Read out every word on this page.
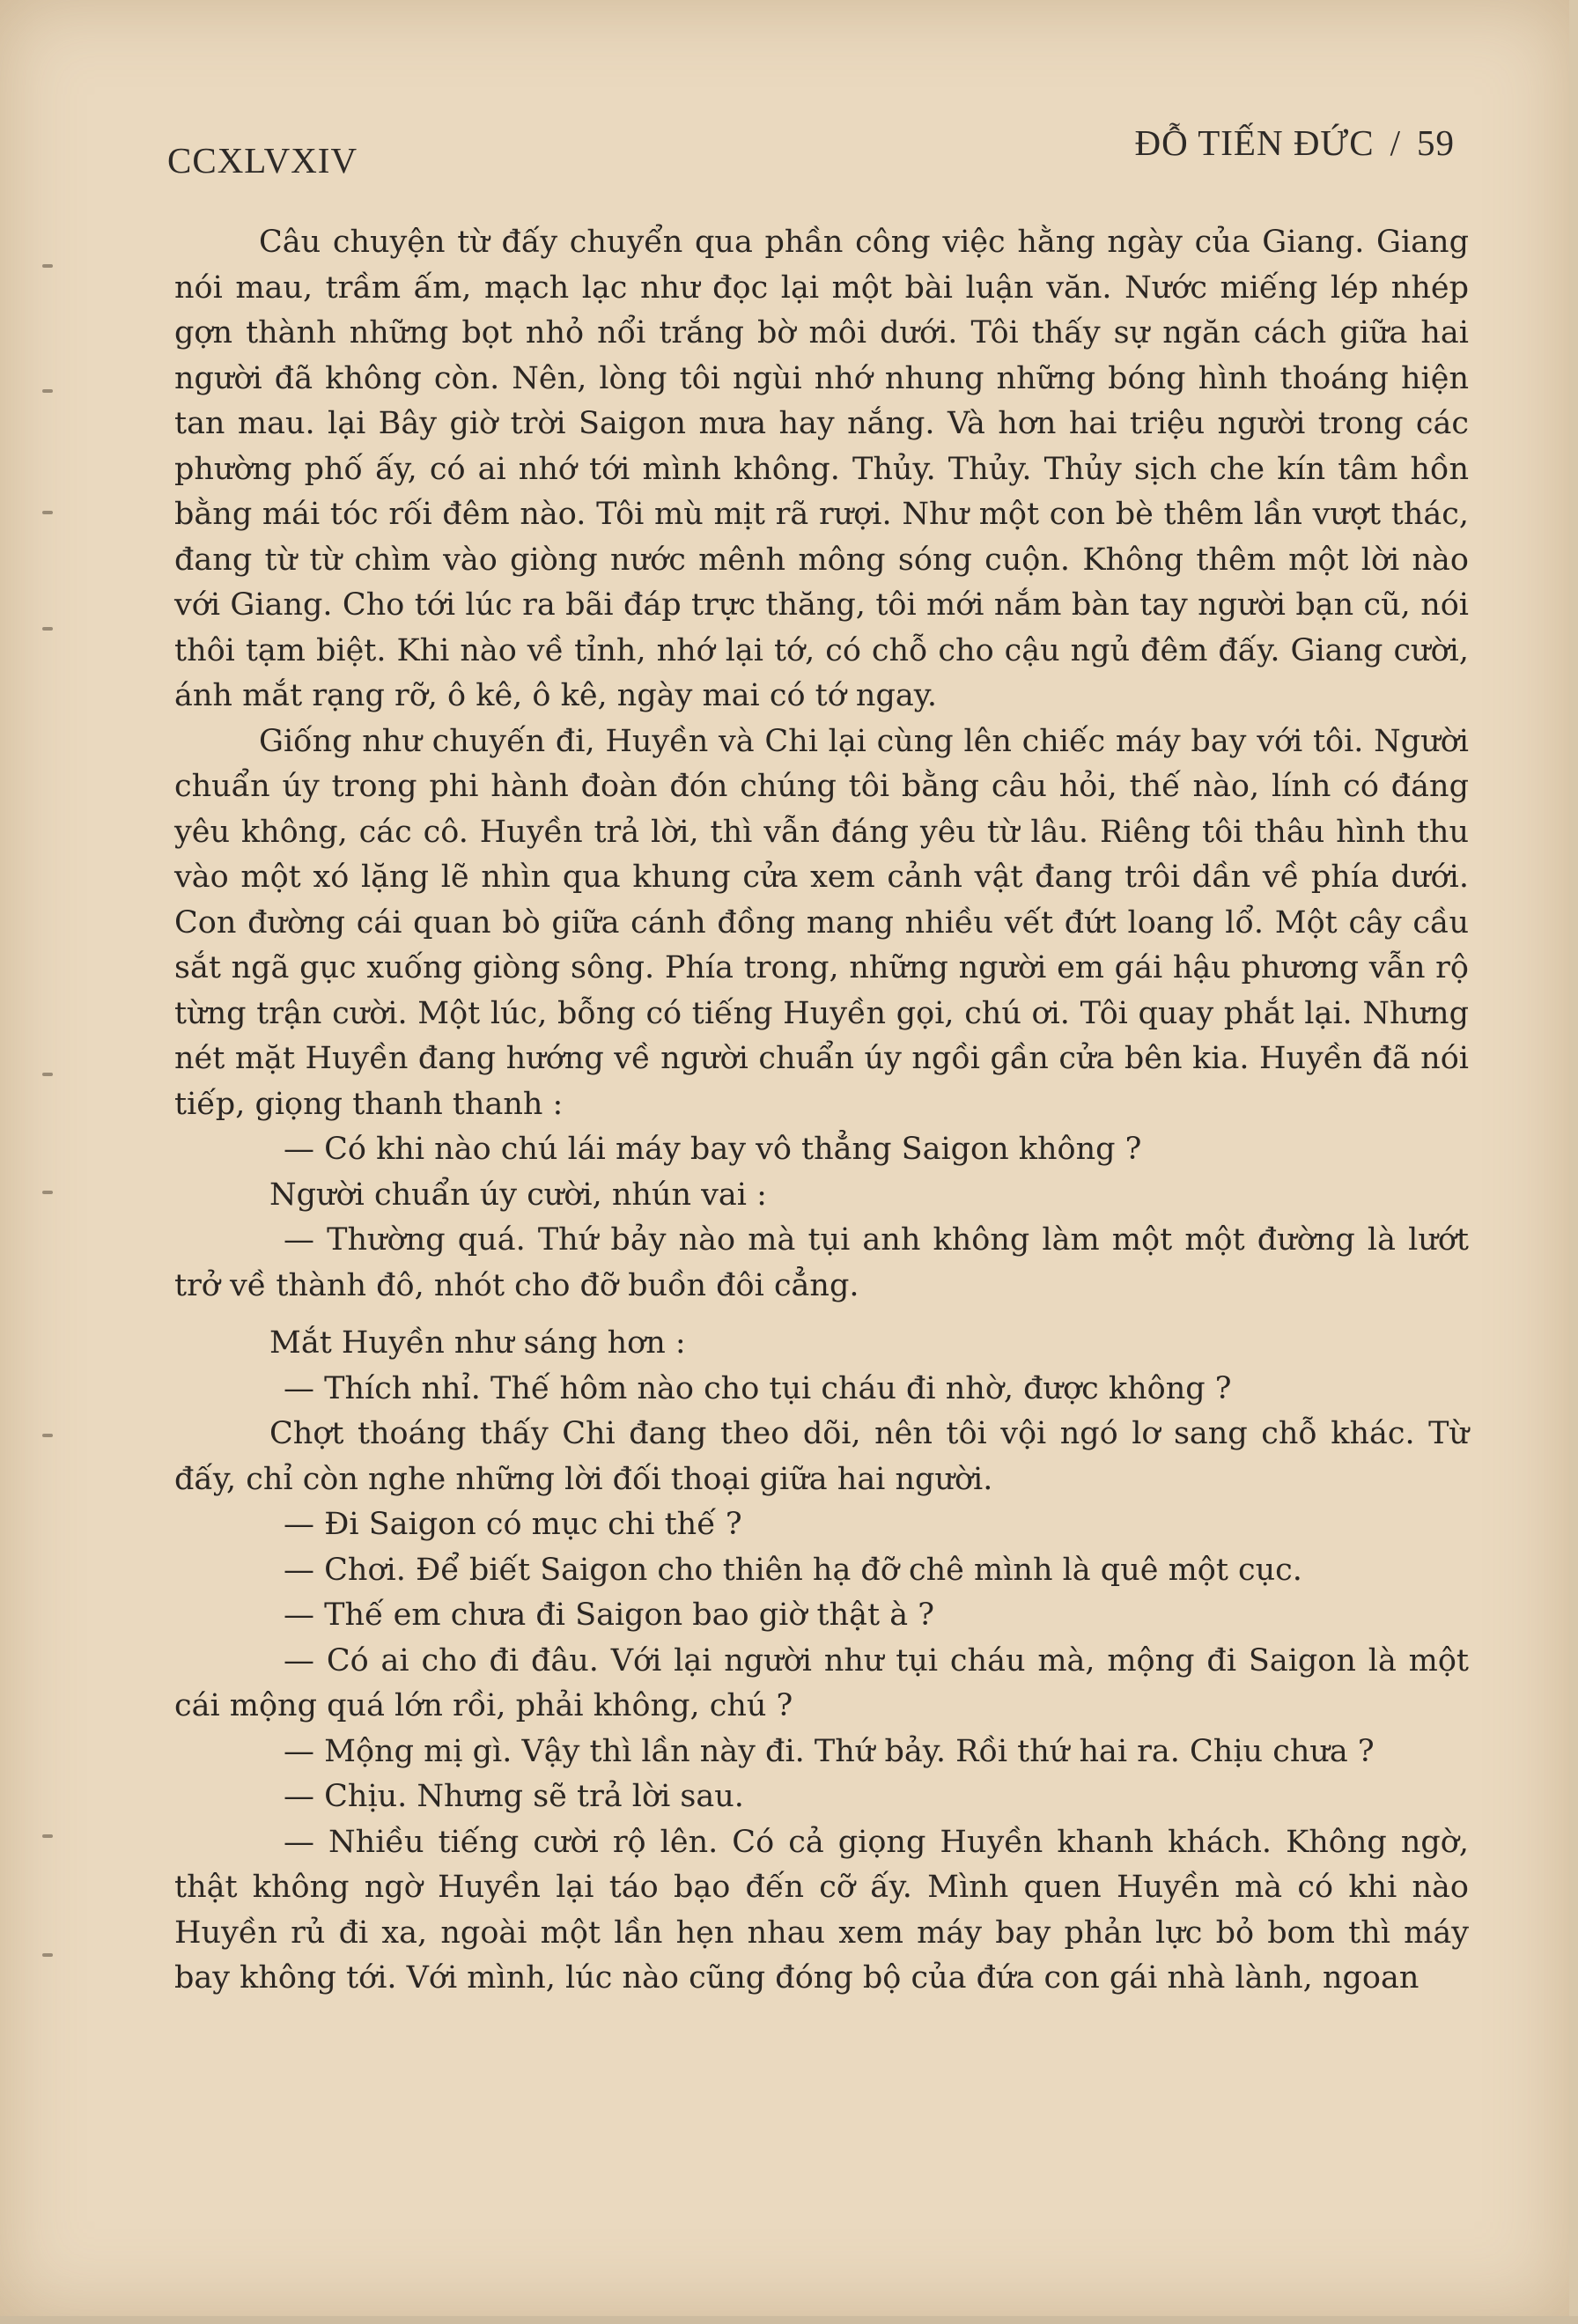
CCXLVXIV	ĐỖ TIẾN ĐỨC / 59

Câu chuyện từ đấy chuyển qua phần công việc hằng ngày của Giang. Giang nói mau, trầm ấm, mạch lạc như đọc lại một bài luận văn. Nước miếng lép nhép gợn thành những bọt nhỏ nổi trắng bờ môi dưới. Tôi thấy sự ngăn cách giữa hai người đã không còn. Nên, lòng tôi ngùi nhớ nhung những bóng hình thoáng hiện tan mau. lại Bây giờ trời Saigon mưa hay nắng. Và hơn hai triệu người trong các phường phố ấy, có ai nhớ tới mình không. Thủy. Thủy. Thủy sịch che kín tâm hồn bằng mái tóc rối đêm nào. Tôi mù mịt rã rượi. Như một con bè thêm lần vượt thác, đang từ từ chìm vào giòng nước mênh mông sóng cuộn. Không thêm một lời nào với Giang. Cho tới lúc ra bãi đáp trực thăng, tôi mới nắm bàn tay người bạn cũ, nói thôi tạm biệt. Khi nào về tỉnh, nhớ lại tớ, có chỗ cho cậu ngủ đêm đấy. Giang cười, ánh mắt rạng rỡ, ô kê, ô kê, ngày mai có tớ ngay.

Giống như chuyến đi, Huyền và Chi lại cùng lên chiếc máy bay với tôi. Người chuẩn úy trong phi hành đoàn đón chúng tôi bằng câu hỏi, thế nào, lính có đáng yêu không, các cô. Huyền trả lời, thì vẫn đáng yêu từ lâu. Riêng tôi thâu hình thu vào một xó lặng lẽ nhìn qua khung cửa xem cảnh vật đang trôi dần về phía dưới. Con đường cái quan bò giữa cánh đồng mang nhiều vết đứt loang lổ. Một cây cầu sắt ngã gục xuống giòng sông. Phía trong, những người em gái hậu phương vẫn rộ từng trận cười. Một lúc, bỗng có tiếng Huyền gọi, chú ơi. Tôi quay phắt lại. Nhưng nét mặt Huyền đang hướng về người chuẩn úy ngồi gần cửa bên kia. Huyền đã nói tiếp, giọng thanh thanh :

— Có khi nào chú lái máy bay vô thẳng Saigon không ?

Người chuẩn úy cười, nhún vai :

— Thường quá. Thứ bảy nào mà tụi anh không làm một một đường là lướt trở về thành đô, nhót cho đỡ buồn đôi cẳng.

Mắt Huyền như sáng hơn :

— Thích nhỉ. Thế hôm nào cho tụi cháu đi nhờ, được không ?

Chợt thoáng thấy Chi đang theo dõi, nên tôi vội ngó lơ sang chỗ khác. Từ đấy, chỉ còn nghe những lời đối thoại giữa hai người.

— Đi Saigon có mục chi thế ?

— Chơi. Để biết Saigon cho thiên hạ đỡ chê mình là quê một cục.

— Thế em chưa đi Saigon bao giờ thật à ?

— Có ai cho đi đâu. Với lại người như tụi cháu mà, mộng đi Saigon là một cái mộng quá lớn rồi, phải không, chú ?

— Mộng mị gì. Vậy thì lần này đi. Thứ bảy. Rồi thứ hai ra. Chịu chưa ?

— Chịu. Nhưng sẽ trả lời sau.

— Nhiều tiếng cười rộ lên. Có cả giọng Huyền khanh khách. Không ngờ, thật không ngờ Huyền lại táo bạo đến cỡ ấy. Mình quen Huyền mà có khi nào Huyền rủ đi xa, ngoài một lần hẹn nhau xem máy bay phản lực bỏ bom thì máy bay không tới. Với mình, lúc nào cũng đóng bộ của đứa con gái nhà lành, ngoan
